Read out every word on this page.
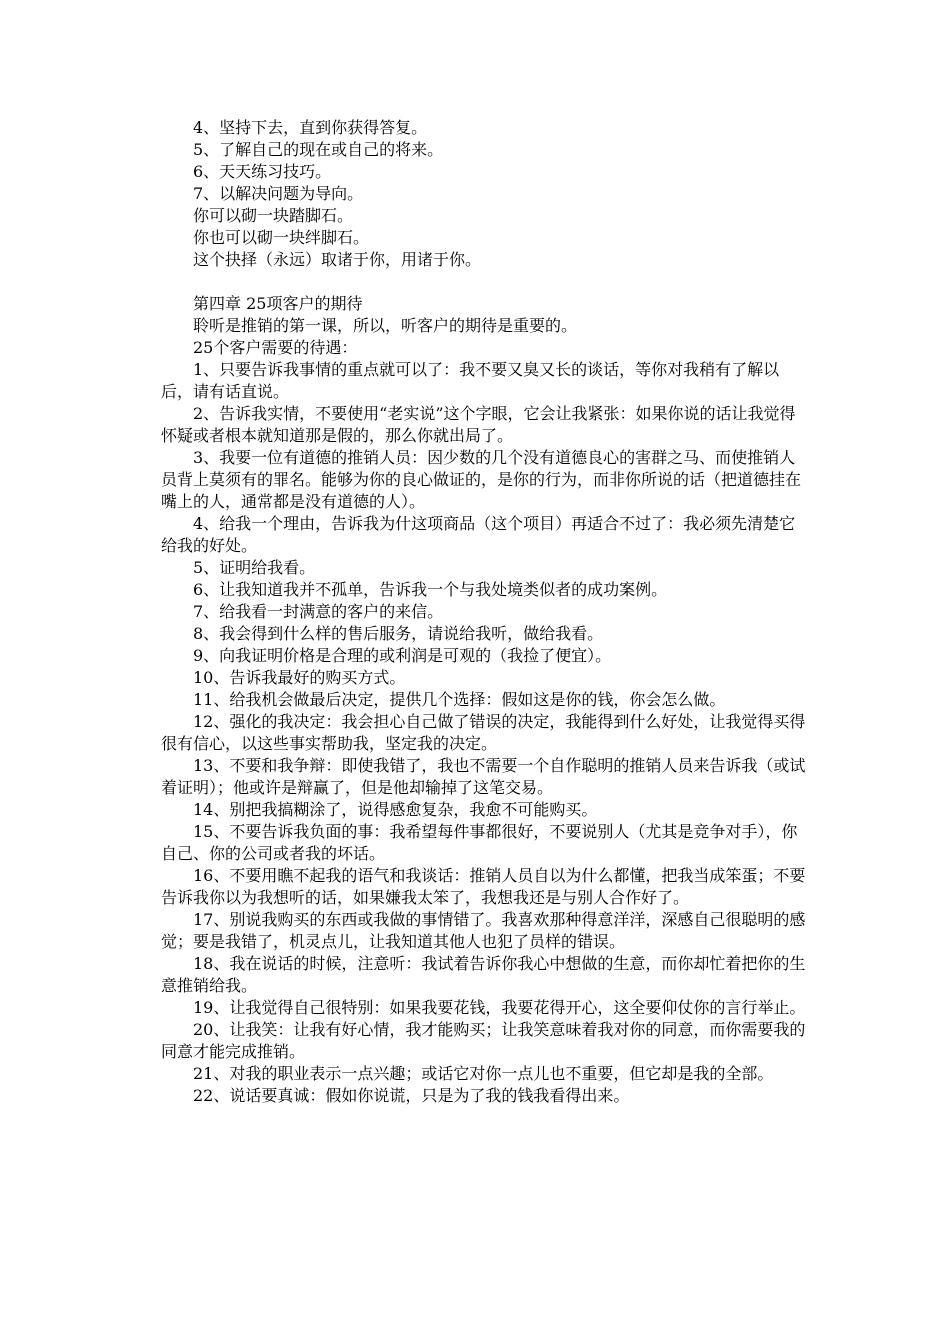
4、坚持下去，直到你获得答复。

5、了解自己的现在或自己的将来。

6、天天练习技巧。

7、以解决问题为导向。

你可以砌一块踏脚石。

你也可以砌一块绊脚石。

这个抉择（永远）取诸于你，用诸于你。

第四章 25项客户的期待

聆听是推销的第一课，所以，听客户的期待是重要的。

25个客户需要的待遇：

1、只要告诉我事情的重点就可以了：我不要又臭又长的谈话，等你对我稍有了解以后，请有话直说。

2、告诉我实情，不要使用“老实说”这个字眼，它会让我紧张：如果你说的话让我觉得怀疑或者根本就知道那是假的，那么你就出局了。

3、我要一位有道德的推销人员：因少数的几个没有道德良心的害群之马、而使推销人员背上莫须有的罪名。能够为你的良心做证的，是你的行为，而非你所说的话（把道德挂在嘴上的人，通常都是没有道德的人）。

4、给我一个理由，告诉我为什这项商品（这个项目）再适合不过了：我必须先清楚它给我的好处。

5、证明给我看。

6、让我知道我并不孤单，告诉我一个与我处境类似者的成功案例。

7、给我看一封满意的客户的来信。

8、我会得到什么样的售后服务，请说给我听，做给我看。

9、向我证明价格是合理的或利润是可观的（我捡了便宜）。

10、告诉我最好的购买方式。

11、给我机会做最后决定，提供几个选择：假如这是你的钱，你会怎么做。

12、强化的我决定：我会担心自己做了错误的决定，我能得到什么好处，让我觉得买得很有信心，以这些事实帮助我，坚定我的决定。

13、不要和我争辩：即使我错了，我也不需要一个自作聪明的推销人员来告诉我（或试着证明）；他或许是辩赢了，但是他却输掉了这笔交易。

14、别把我搞糊涂了，说得感愈复杂，我愈不可能购买。

15、不要告诉我负面的事：我希望每件事都很好，不要说别人（尤其是竞争对手），你自己、你的公司或者我的坏话。

16、不要用瞧不起我的语气和我谈话：推销人员自以为什么都懂，把我当成笨蛋；不要告诉我你以为我想听的话，如果嫌我太笨了，我想我还是与别人合作好了。

17、别说我购买的东西或我做的事情错了。我喜欢那种得意洋洋，深感自己很聪明的感觉；要是我错了，机灵点儿，让我知道其他人也犯了员样的错误。

18、我在说话的时候，注意听：我试着告诉你我心中想做的生意，而你却忙着把你的生意推销给我。

19、让我觉得自己很特别：如果我要花钱，我要花得开心，这全要仰仗你的言行举止。

20、让我笑：让我有好心情，我才能购买；让我笑意味着我对你的同意，而你需要我的同意才能完成推销。

21、对我的职业表示一点兴趣；或话它对你一点儿也不重要，但它却是我的全部。

22、说话要真诚：假如你说谎，只是为了我的钱我看得出来。
